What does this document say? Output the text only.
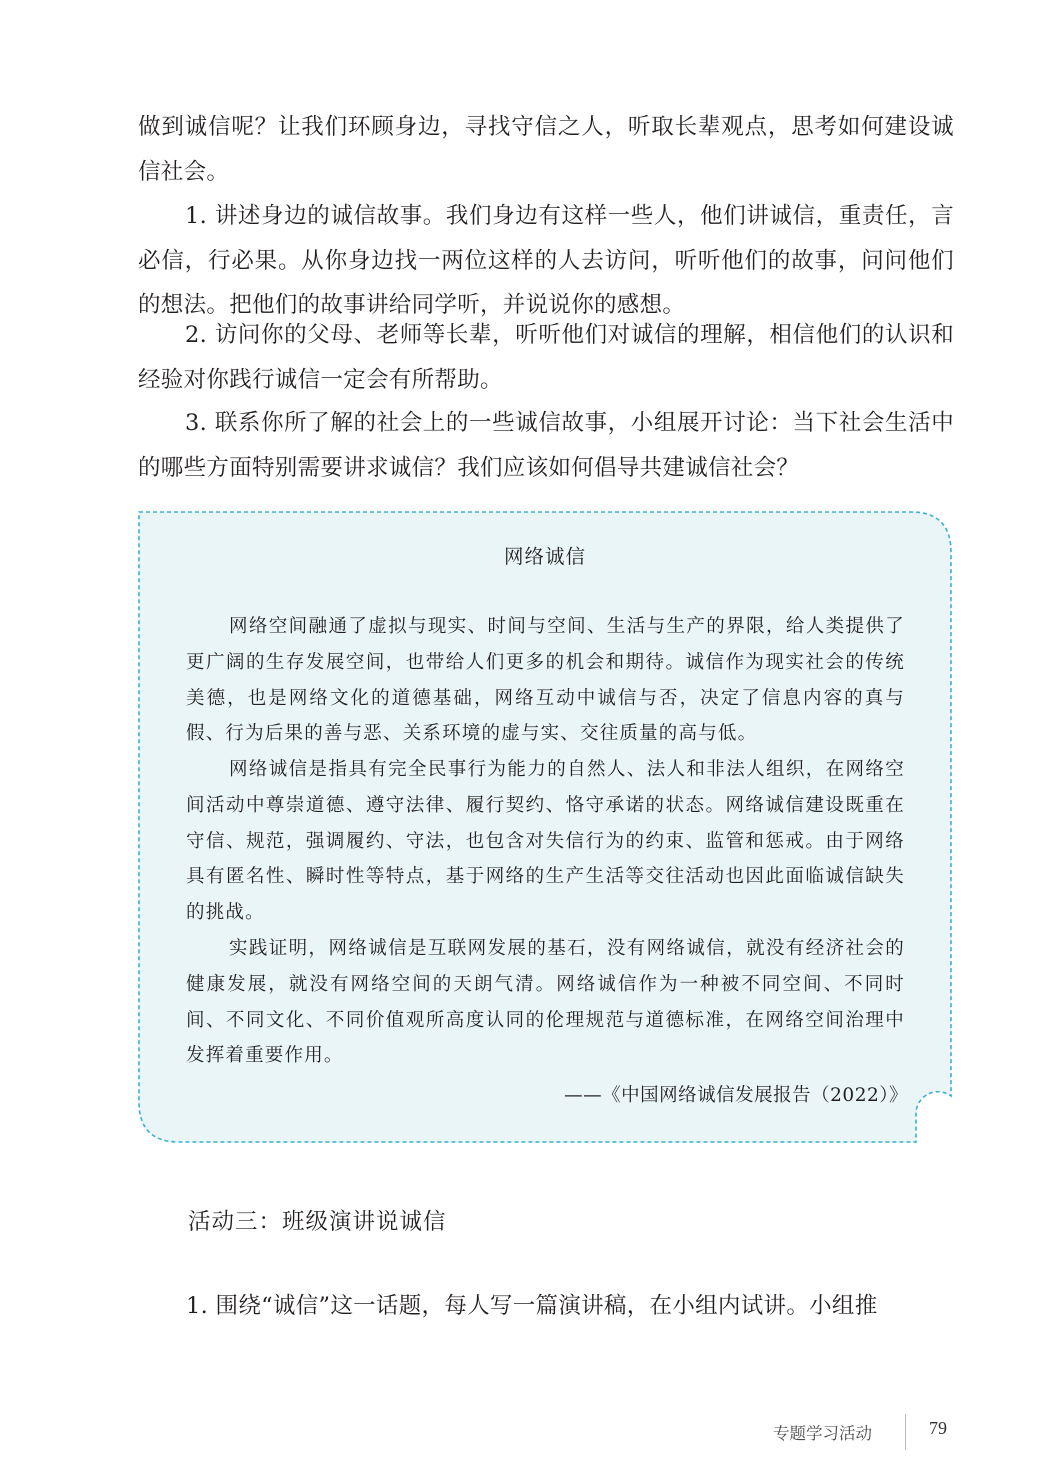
做到诚信呢？让我们环顾身边，寻找守信之人，听取长辈观点，思考如何建设诚信社会。

1. 讲述身边的诚信故事。我们身边有这样一些人，他们讲诚信，重责任，言必信，行必果。从你身边找一两位这样的人去访问，听听他们的故事，问问他们的想法。把他们的故事讲给同学听，并说说你的感想。

2. 访问你的父母、老师等长辈，听听他们对诚信的理解，相信他们的认识和经验对你践行诚信一定会有所帮助。

3. 联系你所了解的社会上的一些诚信故事，小组展开讨论：当下社会生活中的哪些方面特别需要讲求诚信？我们应该如何倡导共建诚信社会？

网络诚信

网络空间融通了虚拟与现实、时间与空间、生活与生产的界限，给人类提供了更广阔的生存发展空间，也带给人们更多的机会和期待。诚信作为现实社会的传统美德，也是网络文化的道德基础，网络互动中诚信与否，决定了信息内容的真与假、行为后果的善与恶、关系环境的虚与实、交往质量的高与低。

网络诚信是指具有完全民事行为能力的自然人、法人和非法人组织，在网络空间活动中尊崇道德、遵守法律、履行契约、恪守承诺的状态。网络诚信建设既重在守信、规范，强调履约、守法，也包含对失信行为的约束、监管和惩戒。由于网络具有匿名性、瞬时性等特点，基于网络的生产生活等交往活动也因此面临诚信缺失的挑战。

实践证明，网络诚信是互联网发展的基石，没有网络诚信，就没有经济社会的健康发展，就没有网络空间的天朗气清。网络诚信作为一种被不同空间、不同时间、不同文化、不同价值观所高度认同的伦理规范与道德标准，在网络空间治理中发挥着重要作用。

——《中国网络诚信发展报告（2022）》
活动三：班级演讲说诚信

1. 围绕“诚信”这一话题，每人写一篇演讲稿，在小组内试讲。小组推

专题学习活动	79
